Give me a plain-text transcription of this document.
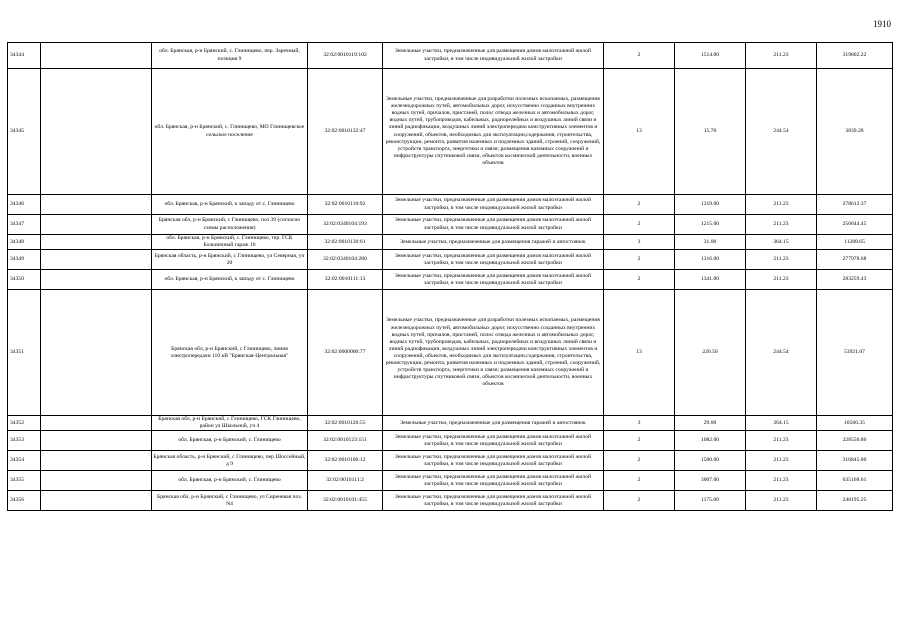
1910
34344		обл. Брянская, р-н Брянский, с. Глинищево, пер. Заречный, позиция 9	32:02:0010119:102	Земельные участки, предназначенные для размещения домов малоэтажной жилой застройки, в том числе индивидуальной жилой застройки	2	1514.00	211.23	319802.22
34345		обл. Брянская, р-н Брянский, с. Глинищево, МО Глинищевское сельское поселение	32:02:0010132:47	Земельные участки, предназначенные для разработки полезных ископаемых, размещения железнодорожных путей, автомобильных дорог, искусственно созданных внутренних водных путей, причалов, пристаней, полос отвода железных и автомобильных дорог, водных путей, трубопроводов, кабельных, радиорелейных и воздушных линий связи и линий радиофикации, воздушных линий электропередачи конструктивных элементов и сооружений, объектов, необходимых для эксплуатации,содержания, строительства, реконструкции, ремонта, развития наземных и подземных зданий, строений, сооружений, устройств транспорта, энергетики и связи; размещения наземных сооружений и инфраструктуры спутниковой связи, объектов космической деятельности, военных объектов	13	15.70	244.54	3839.28
34346		обл. Брянская, р-н Брянский, к западу от с. Глинищево	32:02:0010110:92	Земельные участки, предназначенные для размещения домов малоэтажной жилой застройки, в том числе индивидуальной жилой застройки	2	1319.00	211.23	278612.37
34347		Брянская обл, р-н Брянский, с Глинищево, поз 39 (согласно схемы расположения)	32:02:0340104:193	Земельные участки, предназначенные для размещения домов малоэтажной жилой застройки, в том числе индивидуальной жилой застройки	2	1215.00	211.23	256644.45
34348		обл. Брянская, р-н Брянский, с. Глинищево, тер. ГСК Больничный гараж 16	32:02:0010130:61	Земельные участки, предназначенные для размещения гаражей и автостоянок	3	31.00	364.15	11288.65
34349		Брянская область, р-н Брянский, с Глинищево, ул Северная, уч 20	32:02:0340104:280	Земельные участки, предназначенные для размещения домов малоэтажной жилой застройки, в том числе индивидуальной жилой застройки	2	1316.00	211.23	277978.68
34350		обл. Брянская, р-н Брянский, к западу от с. Глинищево	32:02:0010111:13	Земельные участки, предназначенные для размещения домов малоэтажной жилой застройки, в том числе индивидуальной жилой застройки	2	1341.00	211.23	283259.43
34351		Брянская обл, р-н Брянский, с Глинищево, линия электропередачи 110 кВ "Брянская-Центральная"	32:02:0000000:77	Земельные участки, предназначенные для разработки полезных ископаемых, размещения железнодорожных путей, автомобильных дорог, искусственно созданных внутренних водных путей, причалов, пристаней, полос отвода железных и автомобильных дорог, водных путей, трубопроводов, кабельных, радиорелейных и воздушных линий связи и линий радиофикации, воздушных линий электропередачи конструктивных элементов и сооружений, объектов, необходимых для эксплуатации,содержания, строительства, реконструкции, ремонта, развития наземных и подземных зданий, строений, сооружений, устройств транспорта, энергетики и связи; размещения наземных сооружений и инфраструктуры спутниковой связи, объектов космической деятельности, военных объектов	13	220.50	244.54	53921.07
34352		Брянская обл, р-н Брянский, с Глинищево, ГСК Глинищево, район ул Школьной, уч 4	32:02:0010126:55	Земельные участки, предназначенные для размещения гаражей и автостоянок	3	29.00	364.15	10560.35
34353		обл. Брянская, р-н Брянский, с. Глинищево	32:02:0010123:151	Земельные участки, предназначенные для размещения домов малоэтажной жилой застройки, в том числе индивидуальной жилой застройки	2	1082.00	211.23	228550.86
34354		Брянская область, р-н Брянский, с Глинищево, пер Шоссейный, д 9	32:02:0010106:12	Земельные участки, предназначенные для размещения домов малоэтажной жилой застройки, в том числе индивидуальной жилой застройки	2	1500.00	211.23	316845.00
34355		обл. Брянская, р-н Брянский, с. Глинищево	32:02:0010111:2	Земельные участки, предназначенные для размещения домов малоэтажной жилой застройки, в том числе индивидуальной жилой застройки	2	3007.00	211.23	635168.61
34356		Брянская обл, р-н Брянский, с Глинищево, ул Сиреневая поз. N4	32:02:0010101:455	Земельные участки, предназначенные для размещения домов малоэтажной жилой застройки, в том числе индивидуальной жилой застройки	2	1175.00	211.23	248195.25
